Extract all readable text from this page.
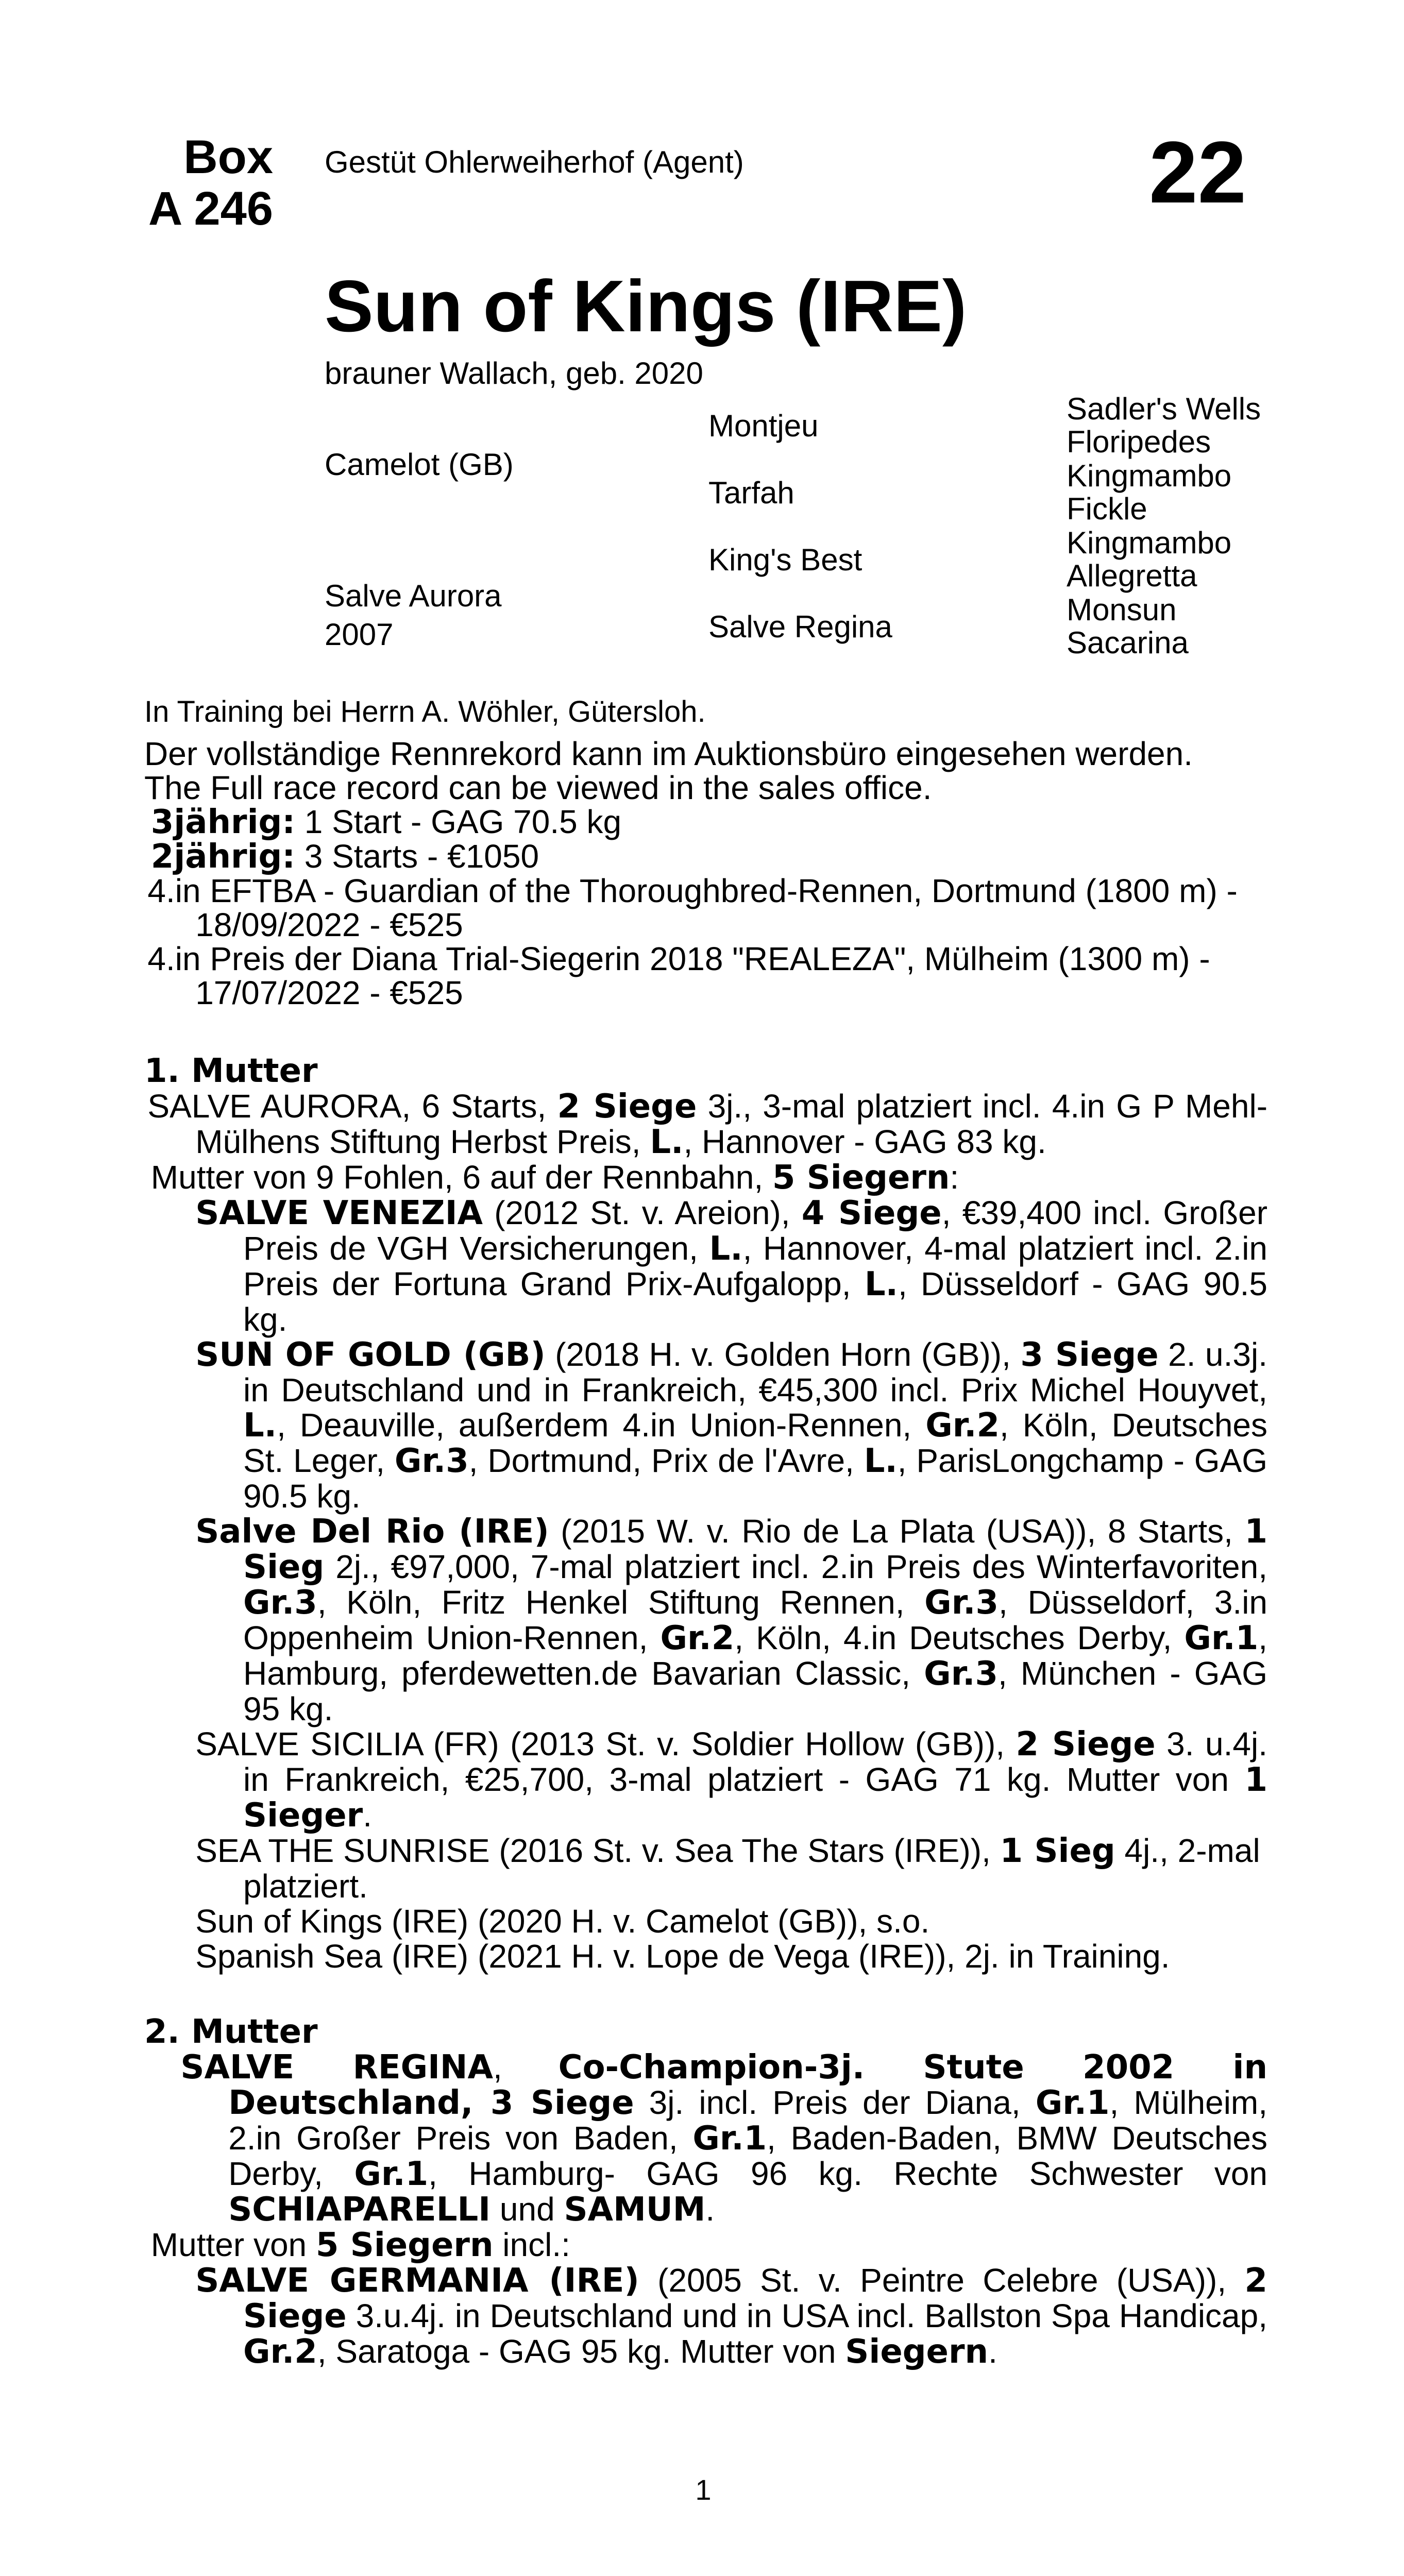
Box
A 246
Gestüt Ohlerweiherhof (Agent)	22
Sun of Kings (IRE)
brauner Wallach, geb. 2020
Camelot (GB)
Salve Aurora
2007
Montjeu
Tarfah
King's Best
Salve Regina
Sadler's Wells
Floripedes
Kingmambo
Fickle
Kingmambo
Allegretta
Monsun
Sacarina
In Training bei Herrn A. Wöhler, Gütersloh.

Der vollständige Rennrekord kann im Auktionsbüro eingesehen werden.

The Full race record can be viewed in the sales office.

3jährig: 1 Start - GAG 70.5 kg

2jährig: 3 Starts - €1050

4.in EFTBA - Guardian of the Thoroughbred-Rennen, Dortmund (1800 m) - 18/09/2022 - €525

4.in Preis der Diana Trial-Siegerin 2018 "REALEZA", Mülheim (1300 m) - 17/07/2022 - €525

1. Mutter

SALVE AURORA, 6 Starts, 2 Siege 3j., 3-mal platziert incl. 4.in G P Mehl-Mülhens Stiftung Herbst Preis, L., Hannover - GAG 83 kg.

Mutter von 9 Fohlen, 6 auf der Rennbahn, 5 Siegern:

SALVE VENEZIA (2012 St. v. Areion), 4 Siege, €39,400 incl. Großer Preis de VGH Versicherungen, L., Hannover, 4-mal platziert incl. 2.in Preis der Fortuna Grand Prix-Aufgalopp, L., Düsseldorf - GAG 90.5 kg.

SUN OF GOLD (GB) (2018 H. v. Golden Horn (GB)), 3 Siege 2. u.3j. in Deutschland und in Frankreich, €45,300 incl. Prix Michel Houyvet, L., Deauville, außerdem 4.in Union-Rennen, Gr.2, Köln, Deutsches St. Leger, Gr.3, Dortmund, Prix de l'Avre, L., ParisLongchamp - GAG 90.5 kg.

Salve Del Rio (IRE) (2015 W. v. Rio de La Plata (USA)), 8 Starts, 1 Sieg 2j., €97,000, 7-mal platziert incl. 2.in Preis des Winterfavoriten, Gr.3, Köln, Fritz Henkel Stiftung Rennen, Gr.3, Düsseldorf, 3.in Oppenheim Union-Rennen, Gr.2, Köln, 4.in Deutsches Derby, Gr.1, Hamburg, pferdewetten.de Bavarian Classic, Gr.3, München - GAG 95 kg.

SALVE SICILIA (FR) (2013 St. v. Soldier Hollow (GB)), 2 Siege 3. u.4j. in Frankreich, €25,700, 3-mal platziert - GAG 71 kg. Mutter von 1 Sieger.

SEA THE SUNRISE (2016 St. v. Sea The Stars (IRE)), 1 Sieg 4j., 2-mal platziert.

Sun of Kings (IRE) (2020 H. v. Camelot (GB)), s.o.

Spanish Sea (IRE) (2021 H. v. Lope de Vega (IRE)), 2j. in Training.

2. Mutter

SALVE REGINA, Co-Champion-3j. Stute 2002 in Deutschland, 3 Siege 3j. incl. Preis der Diana, Gr.1, Mülheim, 2.in Großer Preis von Baden, Gr.1, Baden-Baden, BMW Deutsches Derby, Gr.1, Hamburg- GAG 96 kg. Rechte Schwester von SCHIAPARELLI und SAMUM.

Mutter von 5 Siegern incl.:

SALVE GERMANIA (IRE) (2005 St. v. Peintre Celebre (USA)), 2 Siege 3.u.4j. in Deutschland und in USA incl. Ballston Spa Handicap, Gr.2, Saratoga - GAG 95 kg. Mutter von Siegern.

1
